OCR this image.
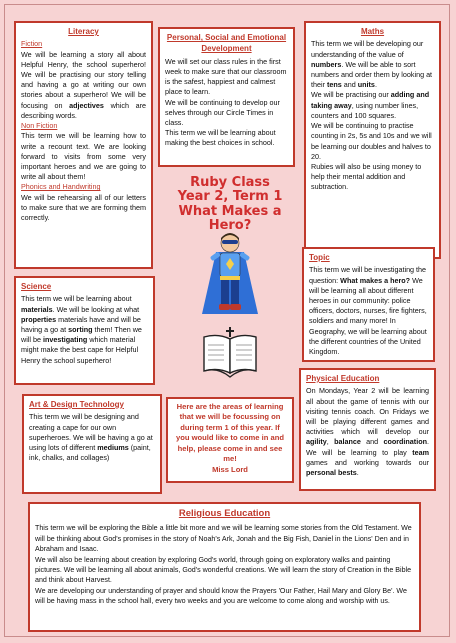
Literacy
Fiction

We will be learning a story all about Helpful Henry, the school superhero! We will be practising our story telling and having a go at writing our own stories about a superhero! We will be focusing on adjectives which are describing words.

Non Fiction

This term we will be learning how to write a recount text. We are looking forward to visits from some very important heroes and we are going to write all about them!

Phonics and Handwriting

We will be rehearsing all of our letters to make sure that we are forming them correctly.

Personal, Social and Emotional Development

We will set our class rules in the first week to make sure that our classroom is the safest, happiest and calmest place to learn.

We will be continuing to develop our selves through our Circle Times in class.

This term we will be learning about making the best choices in school.

Maths

This term we will be developing our understanding of the value of numbers. We will be able to sort numbers and order them by looking at their tens and units.

We will be practising our adding and taking away, using number lines, counters and 100 squares.

We will be continuing to practise counting in 2s, 5s and 10s and we will be learning our doubles and halves to 20.

Rubies will also be using money to help their mental addition and subtraction.

Ruby Class
Year 2, Term 1
What Makes a
Hero?
Topic

This term we will be investigating the question: What makes a hero? We will be learning all about different heroes in our community: police officers, doctors, nurses, fire fighters, soldiers and many more! In Geography, we will be learning about the different countries of the United Kingdom.

Science

This term we will be learning about materials. We will be looking at what properties materials have and will be having a go at sorting them! Then we will be investigating which material might make the best cape for Helpful Henry the school superhero!

Physical Education

On Mondays, Year 2 will be learning all about the game of tennis with our visiting tennis coach. On Fridays we will be playing different games and activities which will develop our agility, balance and coordination. We will be learning to play team games and working towards our personal bests.

Art & Design Technology

This term we will be designing and creating a cape for our own superheroes. We will be having a go at using lots of different mediums (paint, ink, chalks, and collages)

Here are the areas of learning that we will be focussing on during term 1 of this year. If you would like to come in and help, please come in and see me!

Miss Lord

Religious Education

This term we will be exploring the Bible a little bit more and we will be learning some stories from the Old Testament. We will be thinking about God's promises in the story of Noah's Ark, Jonah and the Big Fish, Daniel in the Lions' Den and in Abraham and Isaac.

We will also be learning about creation by exploring God's world, through going on exploratory walks and painting pictures. We will be learning all about animals, God's wonderful creations. We will learn the story of Creation in the Bible and think about Harvest.

We are developing our understanding of prayer and should know the Prayers 'Our Father, Hail Mary and Glory Be'. We will be having mass in the school hall, every two weeks and you are welcome to come along and worship with us.
